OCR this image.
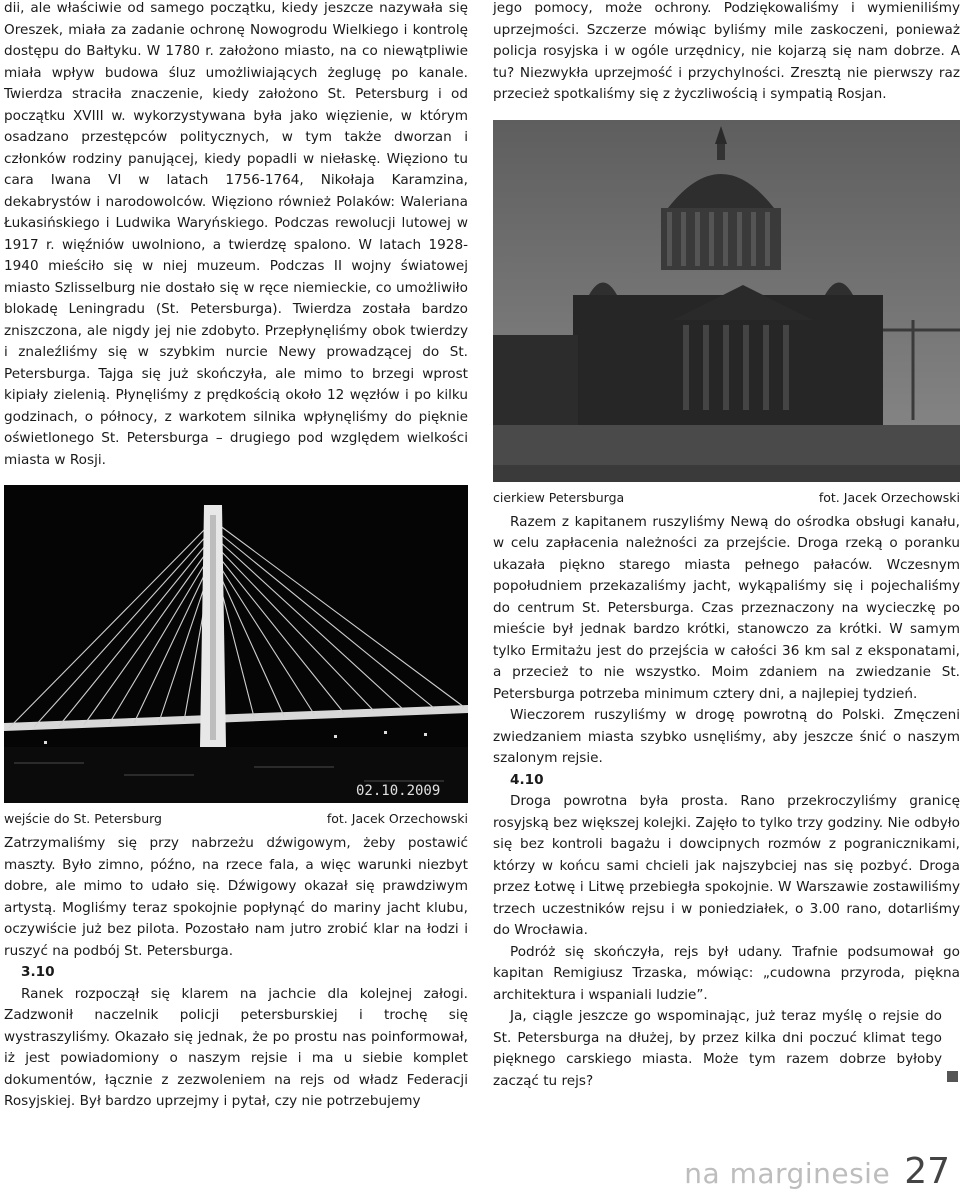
dii, ale właściwie od samego początku, kiedy jeszcze nazywała się Oreszek, miała za zadanie ochronę Nowogrodu Wielkiego i kontrolę dostępu do Bałtyku. W 1780 r. założono miasto, na co niewątpliwie miała wpływ budowa śluz umożliwiających żeglugę po kanale. Twierdza straciła znaczenie, kiedy założono St. Petersburg i od początku XVIII w. wykorzystywana była jako więzienie, w którym osadzano przestępców politycznych, w tym także dworzan i członków rodziny panującej, kiedy popadli w niełaskę. Więziono tu cara Iwana VI w latach 1756-1764, Nikołaja Karamzina, dekabrystów i narodowolców. Więziono również Polaków: Waleriana Łukasińskiego i Ludwika Waryńskiego. Podczas rewolucji lutowej w 1917 r. więźniów uwolniono, a twierdzę spalono. W latach 1928-1940 mieściło się w niej muzeum. Podczas II wojny światowej miasto Szlisselburg nie dostało się w ręce niemieckie, co umożliwiło blokadę Leningradu (St. Petersburga). Twierdza została bardzo zniszczona, ale nigdy jej nie zdobyto. Przepłynęliśmy obok twierdzy i znaleźliśmy się w szybkim nurcie Newy prowadzącej do St. Petersburga. Tajga się już skończyła, ale mimo to brzegi wprost kipiały zielenią. Płynęliśmy z prędkością około 12 węzłów i po kilku godzinach, o północy, z warkotem silnika wpłynęliśmy do pięknie oświetlonego St. Petersburga – drugiego pod względem wielkości miasta w Rosji.

02.10.2009
wejście do St. Petersburg	fot. Jacek Orzechowski

Zatrzymaliśmy się przy nabrzeżu dźwigowym, żeby postawić maszty. Było zimno, późno, na rzece fala, a więc warunki niezbyt dobre, ale mimo to udało się. Dźwigowy okazał się prawdziwym artystą. Mogliśmy teraz spokojnie popłynąć do mariny jacht klubu, oczywiście już bez pilota. Pozostało nam jutro zrobić klar na łodzi i ruszyć na podbój St. Petersburga.

3.10

Ranek rozpoczął się klarem na jachcie dla kolejnej załogi. Zadzwonił naczelnik policji petersburskiej i trochę się wystraszyliśmy. Okazało się jednak, że po prostu nas poinformował, iż jest powiadomiony o naszym rejsie i ma u siebie komplet dokumentów, łącznie z zezwoleniem na rejs od władz Federacji Rosyjskiej. Był bardzo uprzejmy i pytał, czy nie potrzebujemy

jego pomocy, może ochrony. Podziękowaliśmy i wymieniliśmy uprzejmości. Szczerze mówiąc byliśmy mile zaskoczeni, ponieważ policja rosyjska i w ogóle urzędnicy, nie kojarzą się nam dobrze. A tu? Niezwykła uprzejmość i przychylności. Zresztą nie pierwszy raz przecież spotkaliśmy się z życzliwością i sympatią Rosjan.

cierkiew Petersburga	fot. Jacek Orzechowski

Razem z kapitanem ruszyliśmy Newą do ośrodka obsługi kanału, w celu zapłacenia należności za przejście. Droga rzeką o poranku ukazała piękno starego miasta pełnego pałaców. Wczesnym popołudniem przekazaliśmy jacht, wykąpaliśmy się i pojechaliśmy do centrum St. Petersburga. Czas przeznaczony na wycieczkę po mieście był jednak bardzo krótki, stanowczo za krótki. W samym tylko Ermitażu jest do przejścia w całości 36 km sal z eksponatami, a przecież to nie wszystko. Moim zdaniem na zwiedzanie St. Petersburga potrzeba minimum cztery dni, a najlepiej tydzień.

Wieczorem ruszyliśmy w drogę powrotną do Polski. Zmęczeni zwiedzaniem miasta szybko usnęliśmy, aby jeszcze śnić o naszym szalonym rejsie.

4.10

Droga powrotna była prosta. Rano przekroczyliśmy granicę rosyjską bez większej kolejki. Zajęło to tylko trzy godziny. Nie odbyło się bez kontroli bagażu i dowcipnych rozmów z pogranicznikami, którzy w końcu sami chcieli jak najszybciej nas się pozbyć. Droga przez Łotwę i Litwę przebiegła spokojnie. W Warszawie zostawiliśmy trzech uczestników rejsu i w poniedziałek, o 3.00 rano, dotarliśmy do Wrocławia.

Podróż się skończyła, rejs był udany. Trafnie podsumował go kapitan Remigiusz Trzaska, mówiąc: „cudowna przyroda, piękna architektura i wspaniali ludzie”.

Ja, ciągle jeszcze go wspominając, już teraz myślę o rejsie do St. Petersburga na dłużej, by przez kilka dni poczuć klimat tego pięknego carskiego miasta. Może tym razem dobrze byłoby zacząć tu rejs?

na marginesie 27
